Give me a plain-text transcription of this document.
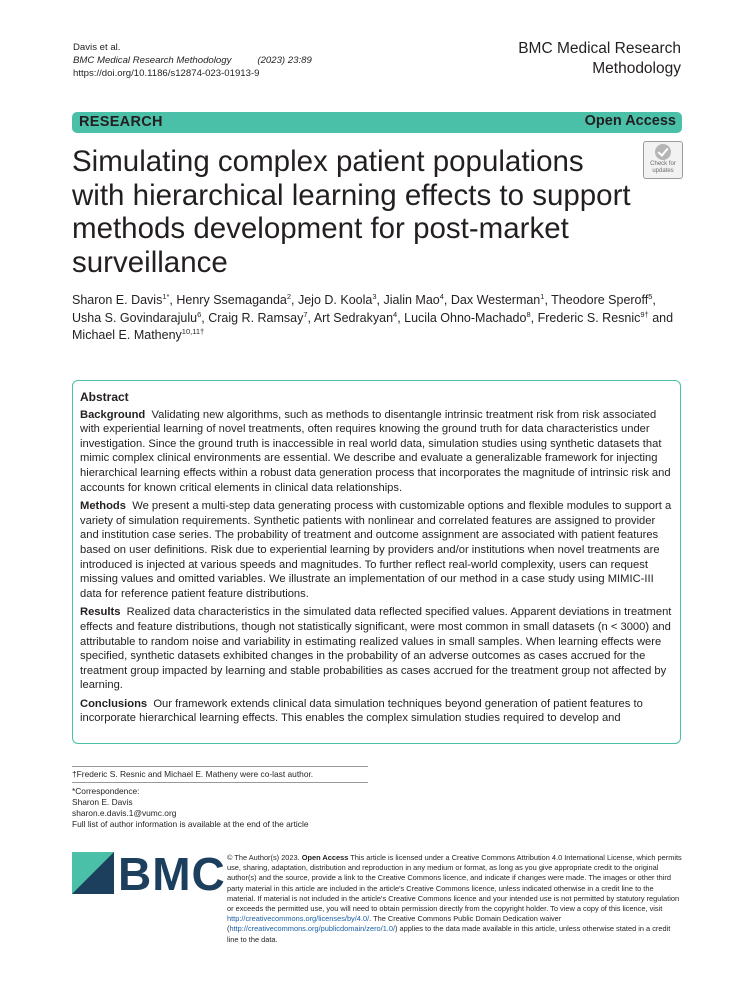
Davis et al.
BMC Medical Research Methodology	(2023) 23:89
https://doi.org/10.1186/s12874-023-01913-9
BMC Medical Research
Methodology
RESEARCH	Open Access
Simulating complex patient populations with hierarchical learning effects to support methods development for post-market surveillance
Check for
updates
Sharon E. Davis$^{1*}$, Henry Ssemaganda$^2$, Jejo D. Koola$^3$, Jialin Mao$^4$, Dax Westerman$^1$, Theodore Speroff$^5$,
Usha S. Govindarajulu$^6$, Craig R. Ramsay$^7$, Art Sedrakyan$^4$, Lucila Ohno‑Machado$^8$, Frederic S. Resnic$^{9\dagger}$ and
Michael E. Matheny$^{10,11\dagger}$
Abstract

Background Validating new algorithms, such as methods to disentangle intrinsic treatment risk from risk associated with experiential learning of novel treatments, often requires knowing the ground truth for data characteristics under investigation. Since the ground truth is inaccessible in real world data, simulation studies using synthetic datasets that mimic complex clinical environments are essential. We describe and evaluate a generalizable framework for injecting hierarchical learning effects within a robust data generation process that incorporates the magnitude of intrinsic risk and accounts for known critical elements in clinical data relationships.

Methods We present a multi-step data generating process with customizable options and flexible modules to support a variety of simulation requirements. Synthetic patients with nonlinear and correlated features are assigned to provider and institution case series. The probability of treatment and outcome assignment are associated with patient features based on user definitions. Risk due to experiential learning by providers and/or institutions when novel treatments are introduced is injected at various speeds and magnitudes. To further reflect real-world complexity, users can request missing values and omitted variables. We illustrate an implementation of our method in a case study using MIMIC-III data for reference patient feature distributions.

Results Realized data characteristics in the simulated data reflected specified values. Apparent deviations in treatment effects and feature distributions, though not statistically significant, were most common in small datasets (n < 3000) and attributable to random noise and variability in estimating realized values in small samples. When learning effects were specified, synthetic datasets exhibited changes in the probability of an adverse outcomes as cases accrued for the treatment group impacted by learning and stable probabilities as cases accrued for the treatment group not affected by learning.

Conclusions Our framework extends clinical data simulation techniques beyond generation of patient features to incorporate hierarchical learning effects. This enables the complex simulation studies required to develop and

†Frederic S. Resnic and Michael E. Matheny were co-last author.
*Correspondence:
Sharon E. Davis
sharon.e.davis.1@vumc.org
Full list of author information is available at the end of the article
BMC © The Author(s) 2023. Open Access This article is licensed under a Creative Commons Attribution 4.0 International License, which permits use, sharing, adaptation, distribution and reproduction in any medium or format, as long as you give appropriate credit to the original author(s) and the source, provide a link to the Creative Commons licence, and indicate if changes were made. The images or other third party material in this article are included in the article's Creative Commons licence, unless indicated otherwise in a credit line to the material. If material is not included in the article's Creative Commons licence and your intended use is not permitted by statutory regulation or exceeds the permitted use, you will need to obtain permission directly from the copyright holder. To view a copy of this licence, visit http://creativecommons.org/licenses/by/4.0/. The Creative Commons Public Domain Dedication waiver (http://creativecommons.org/publicdomain/zero/1.0/) applies to the data made available in this article, unless otherwise stated in a credit line to the data.
